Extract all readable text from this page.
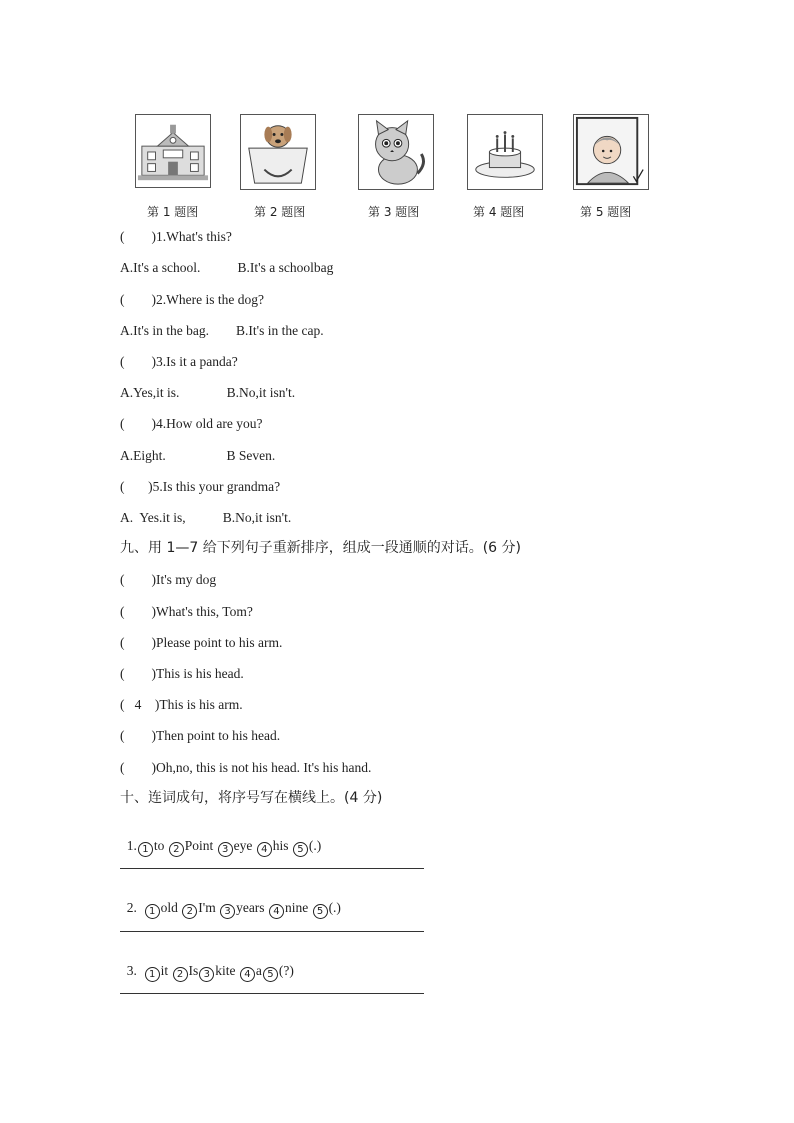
第 1 题图	第 2 题图	第 3 题图	第 4 题图	第 5 题图
(        )1.What's this?
A.It's a school.           B.It's a schoolbag
(        )2.Where is the dog?
A.It's in the bag.        B.It's in the cap.
(        )3.Is it a panda?
A.Yes,it is.              B.No,it isn't.
(        )4.How old are you?
A.Eight.                  B Seven.
(       )5.Is this your grandma?
A.  Yes.it is,           B.No,it isn't.
九、用 1—7 给下列句子重新排序，组成一段通顺的对话。(6 分)
(        )It's my dog
(        )What's this, Tom?
(        )Please point to his arm.
(        )This is his head.
(   4    )This is his arm.
(        )Then point to his head.
(        )Oh,no, this is not his head. It's his hand.
十、连词成句，将序号写在横线上。(4 分)

1. 1 to 2 Point 3 eye 4 his 5 (.)

2.  1 old 2 I'm 3 years 4 nine 5 (.)

3.  1 it 2 Is 3 kite 4 a 5 (?)
